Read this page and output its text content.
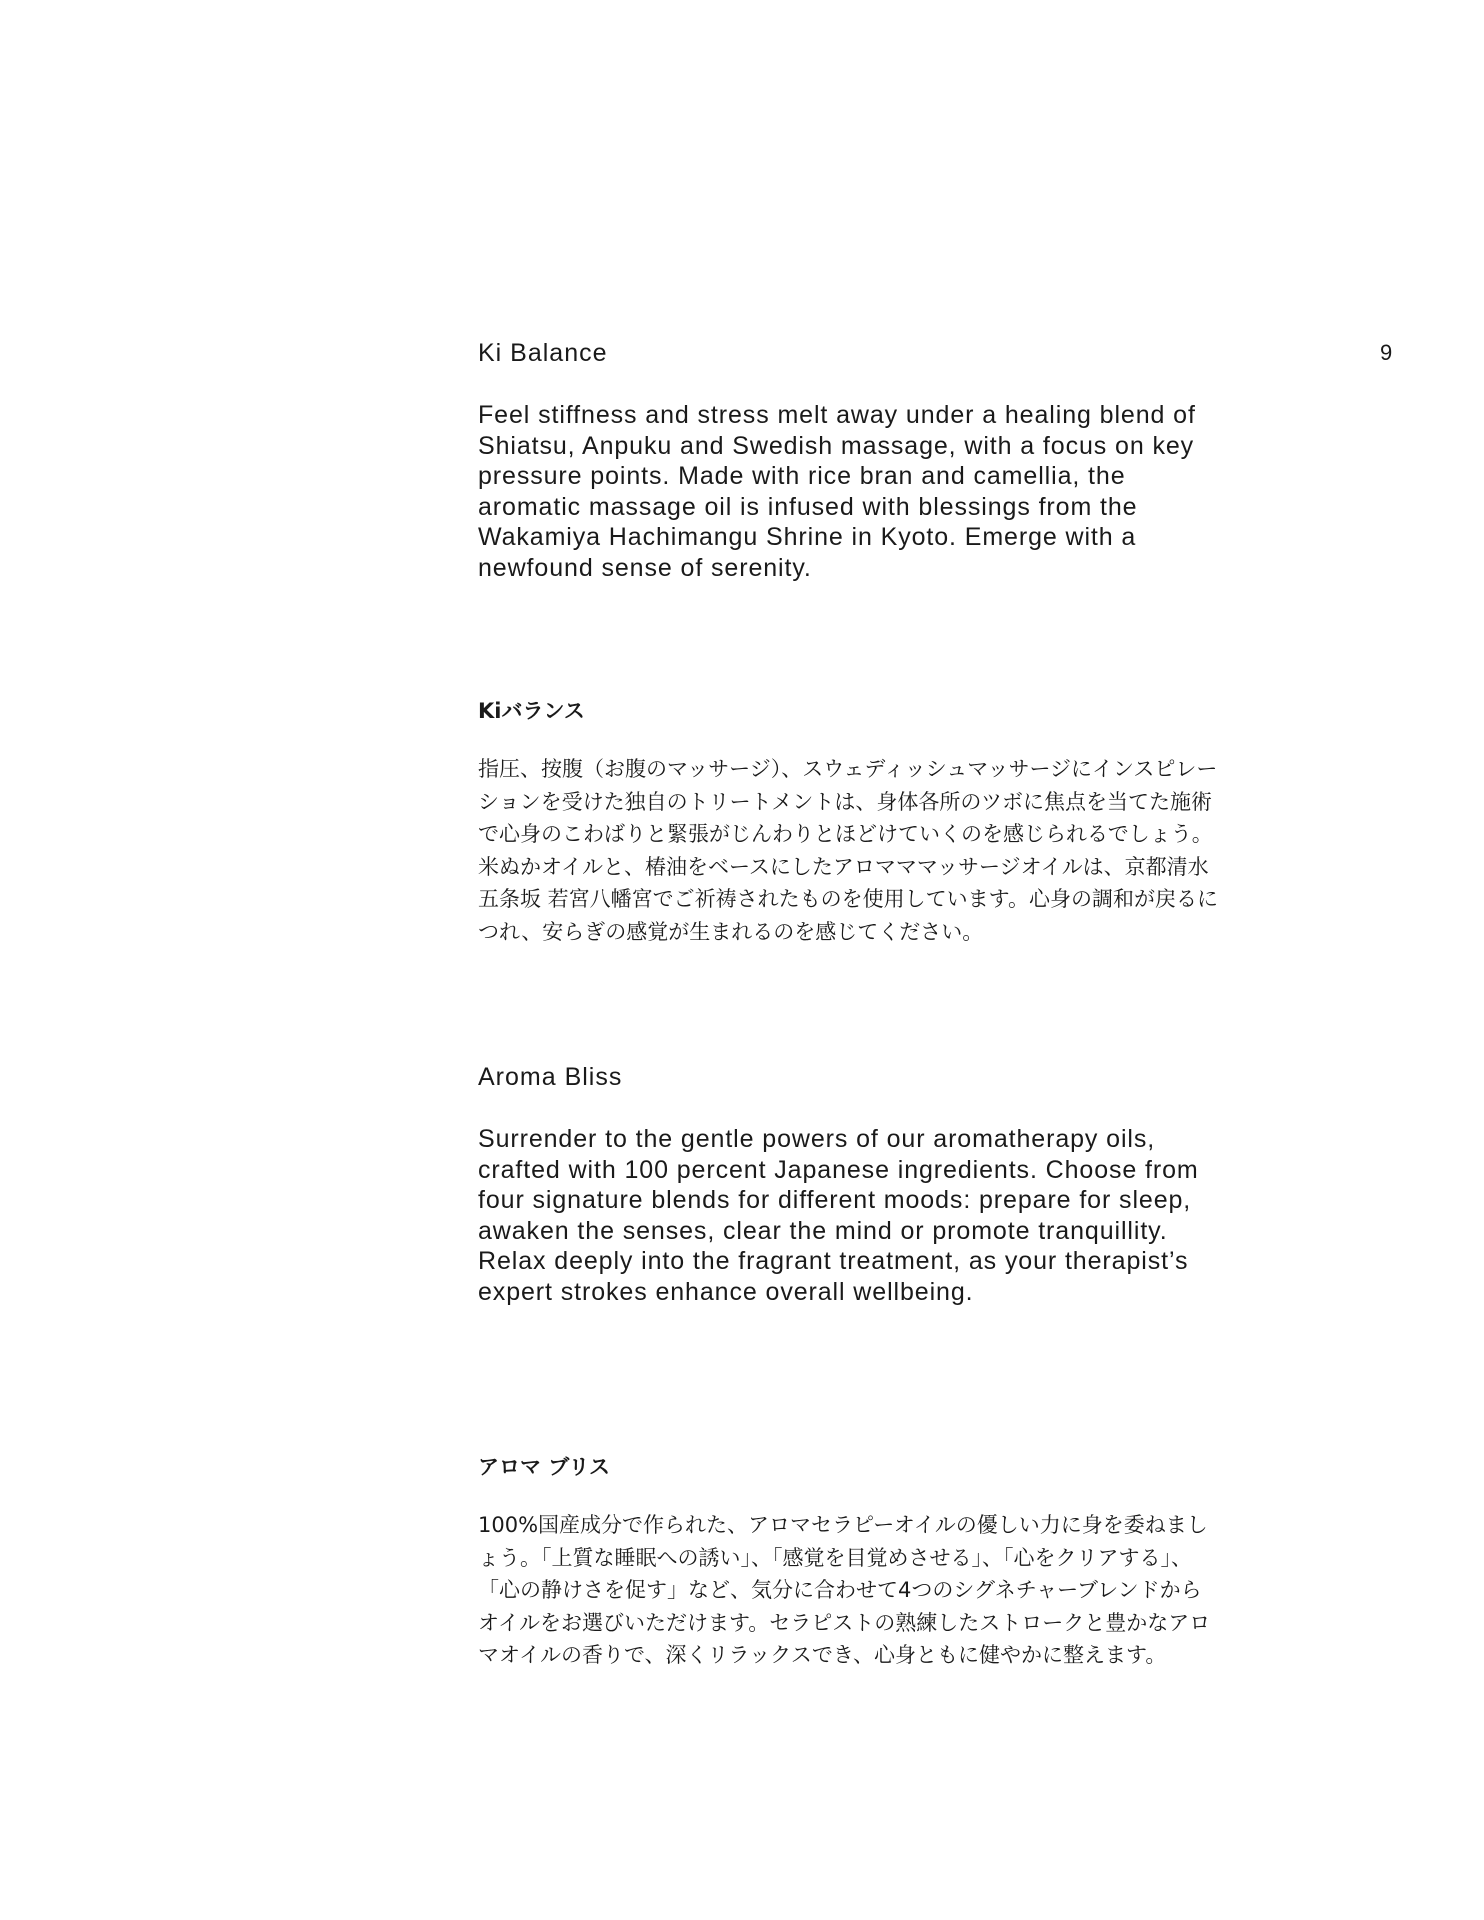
9
Ki Balance

Feel stiffness and stress melt away under a healing blend of Shiatsu, Anpuku and Swedish massage, with a focus on key pressure points. Made with rice bran and camellia, the aromatic massage oil is infused with blessings from the Wakamiya Hachimangu Shrine in Kyoto. Emerge with a newfound sense of serenity.

Kiバランス

指圧、按腹（お腹のマッサージ）、スウェディッシュマッサージにインスピレーションを受けた独自のトリートメントは、身体各所のツボに焦点を当てた施術で心身のこわばりと緊張がじんわりとほどけていくのを感じられるでしょう。米ぬかオイルと、椿油をベースにしたアロマママッサージオイルは、京都清水五条坂 若宮八幡宮でご祈祷されたものを使用しています。心身の調和が戻るにつれ、安らぎの感覚が生まれるのを感じてください。

Aroma Bliss

Surrender to the gentle powers of our aromatherapy oils, crafted with 100 percent Japanese ingredients. Choose from four signature blends for different moods: prepare for sleep, awaken the senses, clear the mind or promote tranquillity. Relax deeply into the fragrant treatment, as your therapist’s expert strokes enhance overall wellbeing.

アロマ ブリス

100%国産成分で作られた、アロマセラピーオイルの優しい力に身を委ねましょう。「上質な睡眠への誘い」、「感覚を目覚めさせる」、「心をクリアする」、「心の静けさを促す」など、気分に合わせて4つのシグネチャーブレンドからオイルをお選びいただけます。セラピストの熟練したストロークと豊かなアロマオイルの香りで、深くリラックスでき、心身ともに健やかに整えます。
